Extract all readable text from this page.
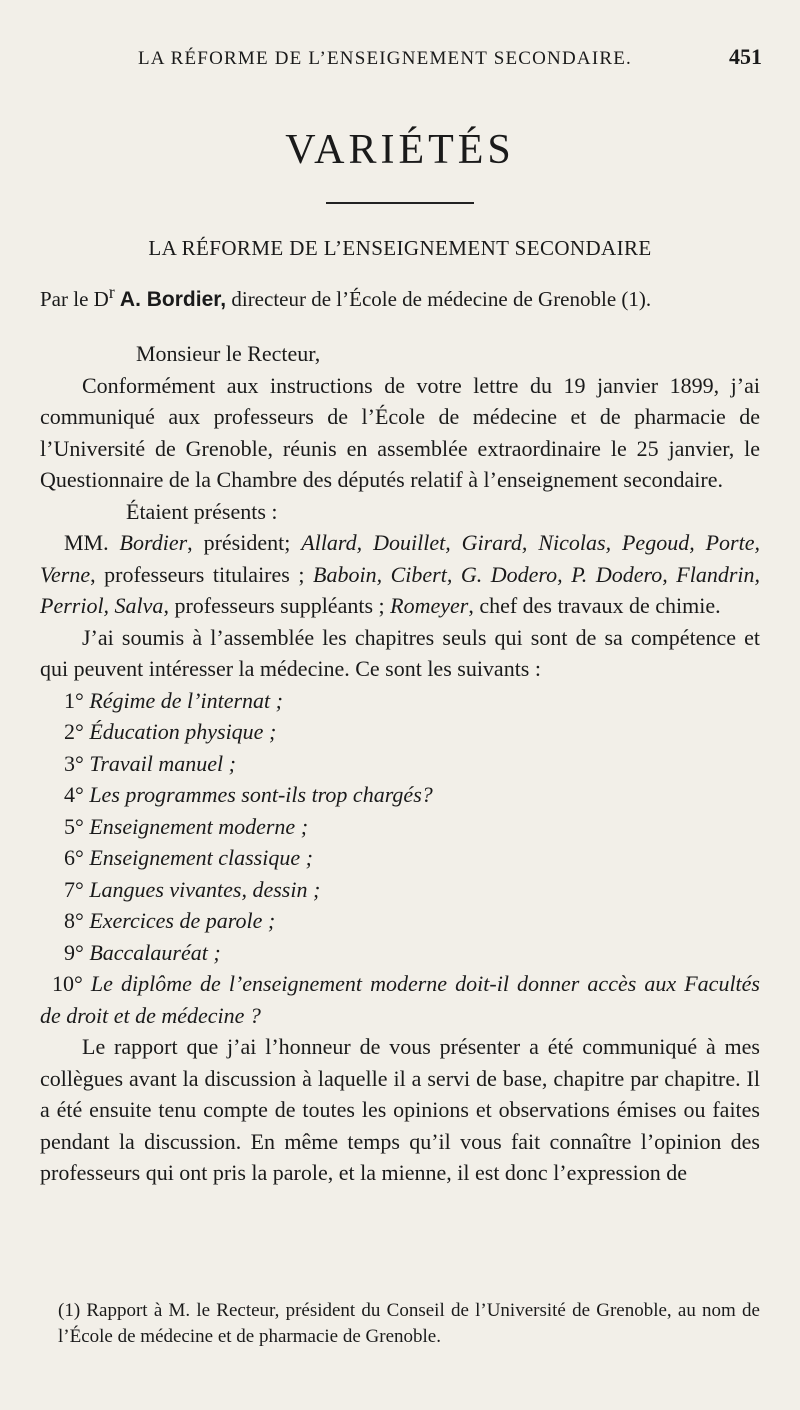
LA RÉFORME DE L’ENSEIGNEMENT SECONDAIRE.	451
VARIÉTÉS
LA RÉFORME DE L’ENSEIGNEMENT SECONDAIRE
Par le $D^r$ A. Bordier, directeur de l’École de médecine de Grenoble (1).

Monsieur le Recteur,

Conformément aux instructions de votre lettre du 19 janvier 1899, j’ai communiqué aux professeurs de l’École de médecine et de pharmacie de l’Université de Grenoble, réunis en assemblée extraordinaire le 25 janvier, le Questionnaire de la Chambre des députés relatif à l’enseignement secondaire.

Étaient présents :

MM. Bordier, président; Allard, Douillet, Girard, Nicolas, Pegoud, Porte, Verne, professeurs titulaires ; Baboin, Cibert, G. Dodero, P. Dodero, Flandrin, Perriol, Salva, professeurs suppléants ; Romeyer, chef des travaux de chimie.

J’ai soumis à l’assemblée les chapitres seuls qui sont de sa compétence et qui peuvent intéresser la médecine. Ce sont les suivants :

1° Régime de l’internat ;

2° Éducation physique ;

3° Travail manuel ;

4° Les programmes sont-ils trop chargés?

5° Enseignement moderne ;

6° Enseignement classique ;

7° Langues vivantes, dessin ;

8° Exercices de parole ;

9° Baccalauréat ;

10° Le diplôme de l’enseignement moderne doit-il donner accès aux Facultés de droit et de médecine ?

Le rapport que j’ai l’honneur de vous présenter a été communiqué à mes collègues avant la discussion à laquelle il a servi de base, chapitre par chapitre. Il a été ensuite tenu compte de toutes les opinions et observations émises ou faites pendant la discussion. En même temps qu’il vous fait connaître l’opinion des professeurs qui ont pris la parole, et la mienne, il est donc l’expression de

(1) Rapport à M. le Recteur, président du Conseil de l’Université de Grenoble, au nom de l’École de médecine et de pharmacie de Grenoble.
